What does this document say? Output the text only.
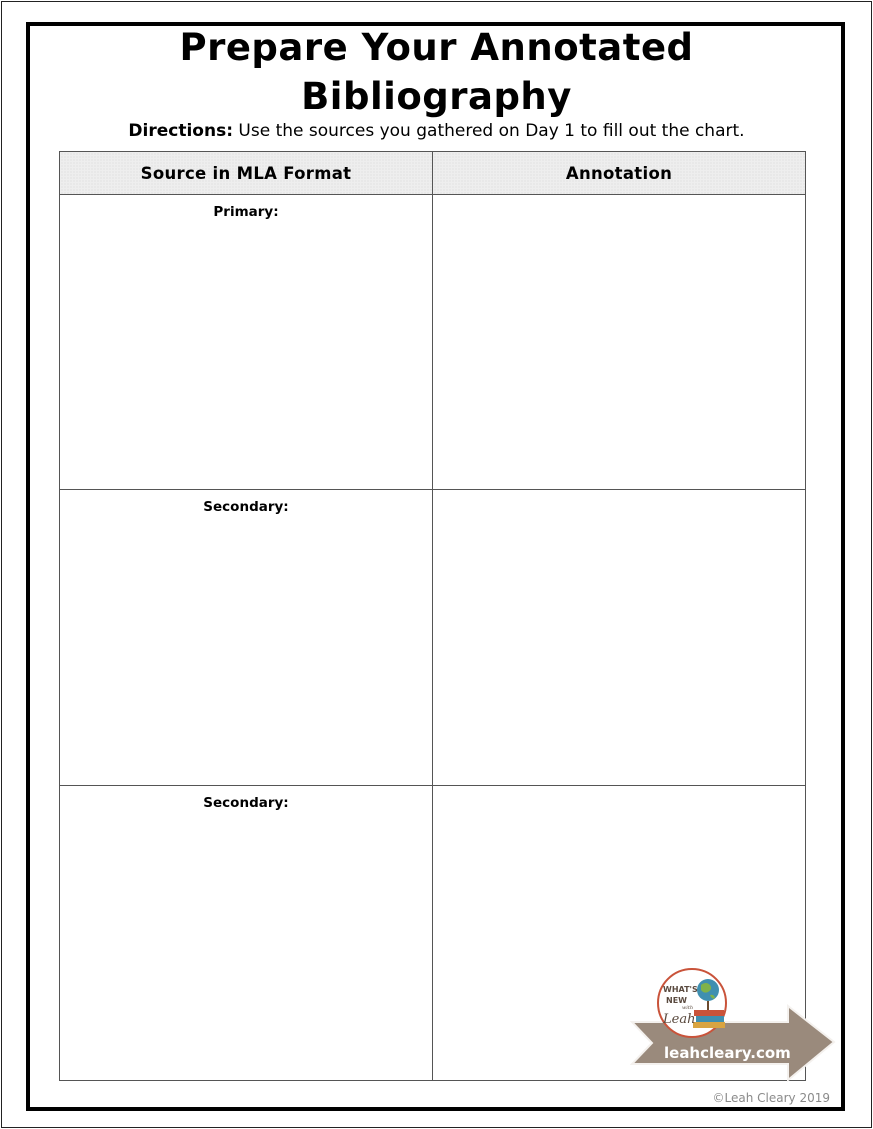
Prepare Your Annotated
Bibliography

Directions: Use the sources you gathered on Day 1 to fill out the chart.

Source in MLA Format	Annotation

Primary:	

Secondary:	

Secondary:	

WHAT'S
NEW
with
Leah
leahcleary.com
©Leah Cleary 2019
